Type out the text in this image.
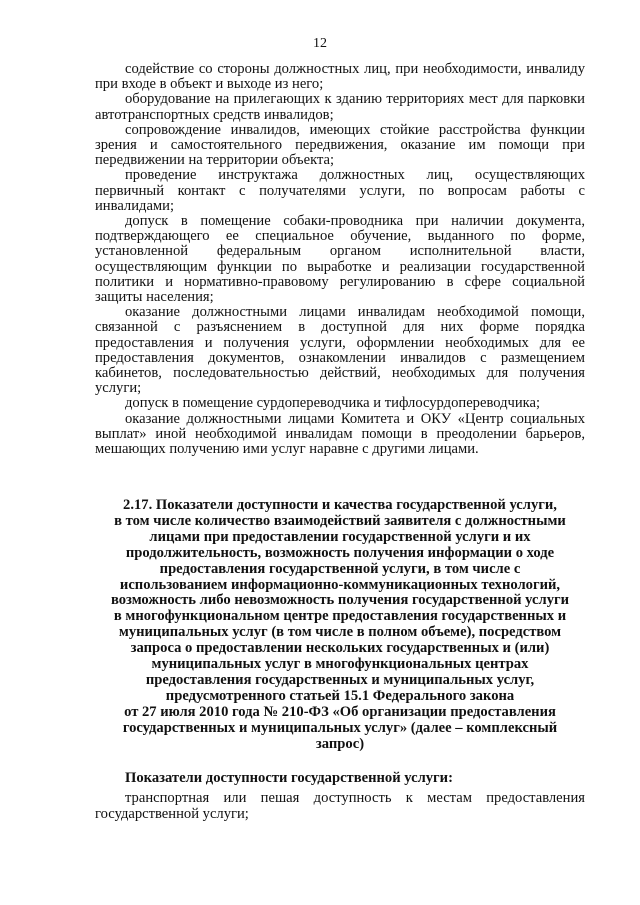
12

содействие со стороны должностных лиц, при необходимости, инвалиду при входе в объект и выходе из него;

оборудование на прилегающих к зданию территориях мест для парковки автотранспортных средств инвалидов;

сопровождение инвалидов, имеющих стойкие расстройства функции зрения и самостоятельного передвижения, оказание им помощи при передвижении на территории объекта;

проведение инструктажа должностных лиц, осуществляющих первичный контакт с получателями услуги, по вопросам работы с инвалидами;

допуск в помещение собаки-проводника при наличии документа, подтверждающего ее специальное обучение, выданного по форме, установленной федеральным органом исполнительной власти, осуществляющим функции по выработке и реализации государственной политики и нормативно-правовому регулированию в сфере социальной защиты населения;

оказание должностными лицами инвалидам необходимой помощи, связанной с разъяснением в доступной для них форме порядка предоставления и получения услуги, оформлении необходимых для ее предоставления документов, ознакомлении инвалидов с размещением кабинетов, последовательностью действий, необходимых для получения услуги;

допуск в помещение сурдопереводчика и тифлосурдопереводчика;

оказание должностными лицами Комитета и ОКУ «Центр социальных выплат» иной необходимой инвалидам помощи в преодолении барьеров, мешающих получению ими услуг наравне с другими лицами.

2.17. Показатели доступности и качества государственной услуги,

в том числе количество взаимодействий заявителя с должностными

лицами при предоставлении государственной услуги и их

продолжительность, возможность получения информации о ходе

предоставления государственной услуги, в том числе с

использованием информационно-коммуникационных технологий,

возможность либо невозможность получения государственной услуги

в многофункциональном центре предоставления государственных и

муниципальных услуг (в том числе в полном объеме), посредством

запроса о предоставлении нескольких государственных и (или)

муниципальных услуг в многофункциональных центрах

предоставления государственных и муниципальных услуг,

предусмотренного статьей 15.1 Федерального закона

от 27 июля 2010 года № 210-ФЗ «Об организации предоставления

государственных и муниципальных услуг» (далее – комплексный

запрос)

Показатели доступности государственной услуги:

транспортная или пешая доступность к местам предоставления государственной услуги;
